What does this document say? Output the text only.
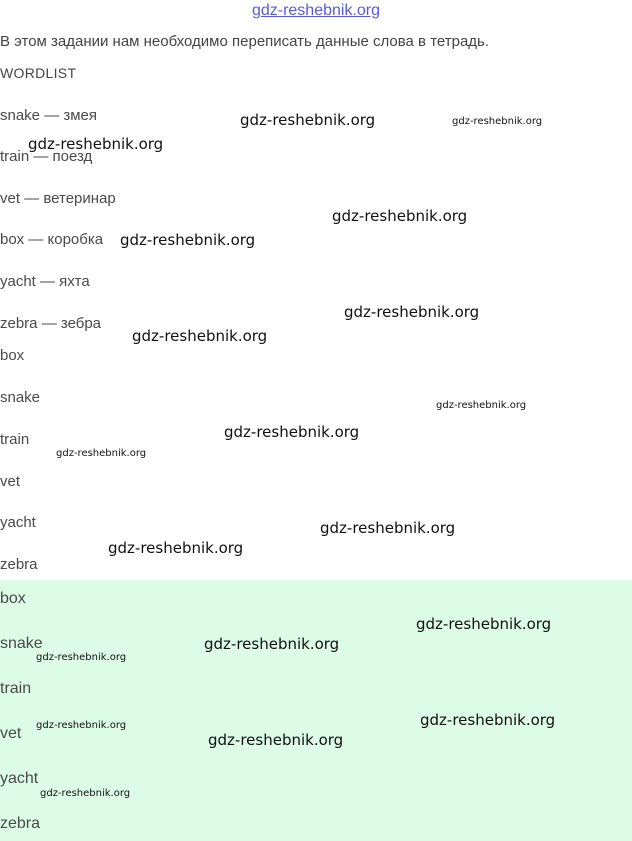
gdz-reshebnik.org
В этом задании нам необходимо переписать данные слова в тетрадь.
WORDLIST
snake — змея
train — поезд
vet — ветеринар
box — коробка
yacht — яхта
zebra — зебра
box
snake
train
vet
yacht
zebra
box
snake
train
vet
yacht
zebra
gdz-reshebnik.org	gdz-reshebnik.org
gdz-reshebnik.org
gdz-reshebnik.org
gdz-reshebnik.org
gdz-reshebnik.org
gdz-reshebnik.org
gdz-reshebnik.org
gdz-reshebnik.org
gdz-reshebnik.org
gdz-reshebnik.org
gdz-reshebnik.org
gdz-reshebnik.org
gdz-reshebnik.org
gdz-reshebnik.org
gdz-reshebnik.org
gdz-reshebnik.org
gdz-reshebnik.org
gdz-reshebnik.org
